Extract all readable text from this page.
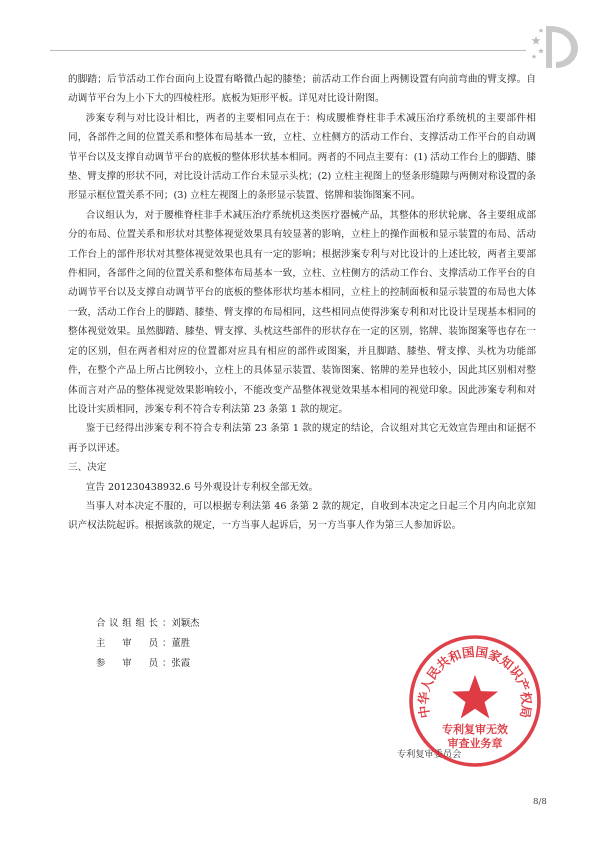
的脚踏；后节活动工作台面向上设置有略微凸起的膝垫；前活动工作台面上两侧设置有向前弯曲的臂支撑。自动调节平台为上小下大的四棱柱形。底板为矩形平板。详见对比设计附图。

涉案专利与对比设计相比，两者的主要相同点在于：构成腰椎脊柱非手术减压治疗系统机的主要部件相同，各部件之间的位置关系和整体布局基本一致，立柱、立柱侧方的活动工作台、支撑活动工作平台的自动调节平台以及支撑自动调节平台的底板的整体形状基本相同。两者的不同点主要有：(1) 活动工作台上的脚踏、膝垫、臂支撑的形状不同，对比设计活动工作台未显示头枕；(2) 立柱主视图上的竖条形缝隙与两侧对称设置的条形显示框位置关系不同；(3) 立柱左视图上的条形显示装置、铭牌和装饰图案不同。

合议组认为，对于腰椎脊柱非手术减压治疗系统机这类医疗器械产品，其整体的形状轮廓、各主要组成部分的布局、位置关系和形状对其整体视觉效果具有较显著的影响，立柱上的操作面板和显示装置的布局、活动工作台上的部件形状对其整体视觉效果也具有一定的影响；根据涉案专利与对比设计的上述比较，两者主要部件相同，各部件之间的位置关系和整体布局基本一致，立柱、立柱侧方的活动工作台、支撑活动工作平台的自动调节平台以及支撑自动调节平台的底板的整体形状均基本相同，立柱上的控制面板和显示装置的布局也大体一致，活动工作台上的脚踏、膝垫、臂支撑的布局相同，这些相同点使得涉案专利和对比设计呈现基本相同的整体视觉效果。虽然脚踏、膝垫、臂支撑、头枕这些部件的形状存在一定的区别，铭牌、装饰图案等也存在一定的区别，但在两者相对应的位置都对应具有相应的部件或图案，并且脚踏、膝垫、臂支撑、头枕为功能部件，在整个产品上所占比例较小，立柱上的具体显示装置、装饰图案、铭牌的差异也较小，因此其区别相对整体而言对产品的整体视觉效果影响较小，不能改变产品整体视觉效果基本相同的视觉印象。因此涉案专利和对比设计实质相同，涉案专利不符合专利法第 23 条第 1 款的规定。

鉴于已经得出涉案专利不符合专利法第 23 条第 1 款的规定的结论，合议组对其它无效宣告理由和证据不再予以评述。

三、决定

宣告 201230438932.6 号外观设计专利权全部无效。

当事人对本决定不服的，可以根据专利法第 46 条第 2 款的规定，自收到本决定之日起三个月内向北京知识产权法院起诉。根据该款的规定，一方当事人起诉后，另一方当事人作为第三人参加诉讼。

合议组组长 ： 刘颖杰
主审员 ： 董胜
参审员 ： 张霞
专利复审委员会
中华人民共和国国家知识产权局
专利复审无效
审查业务章
8/8
